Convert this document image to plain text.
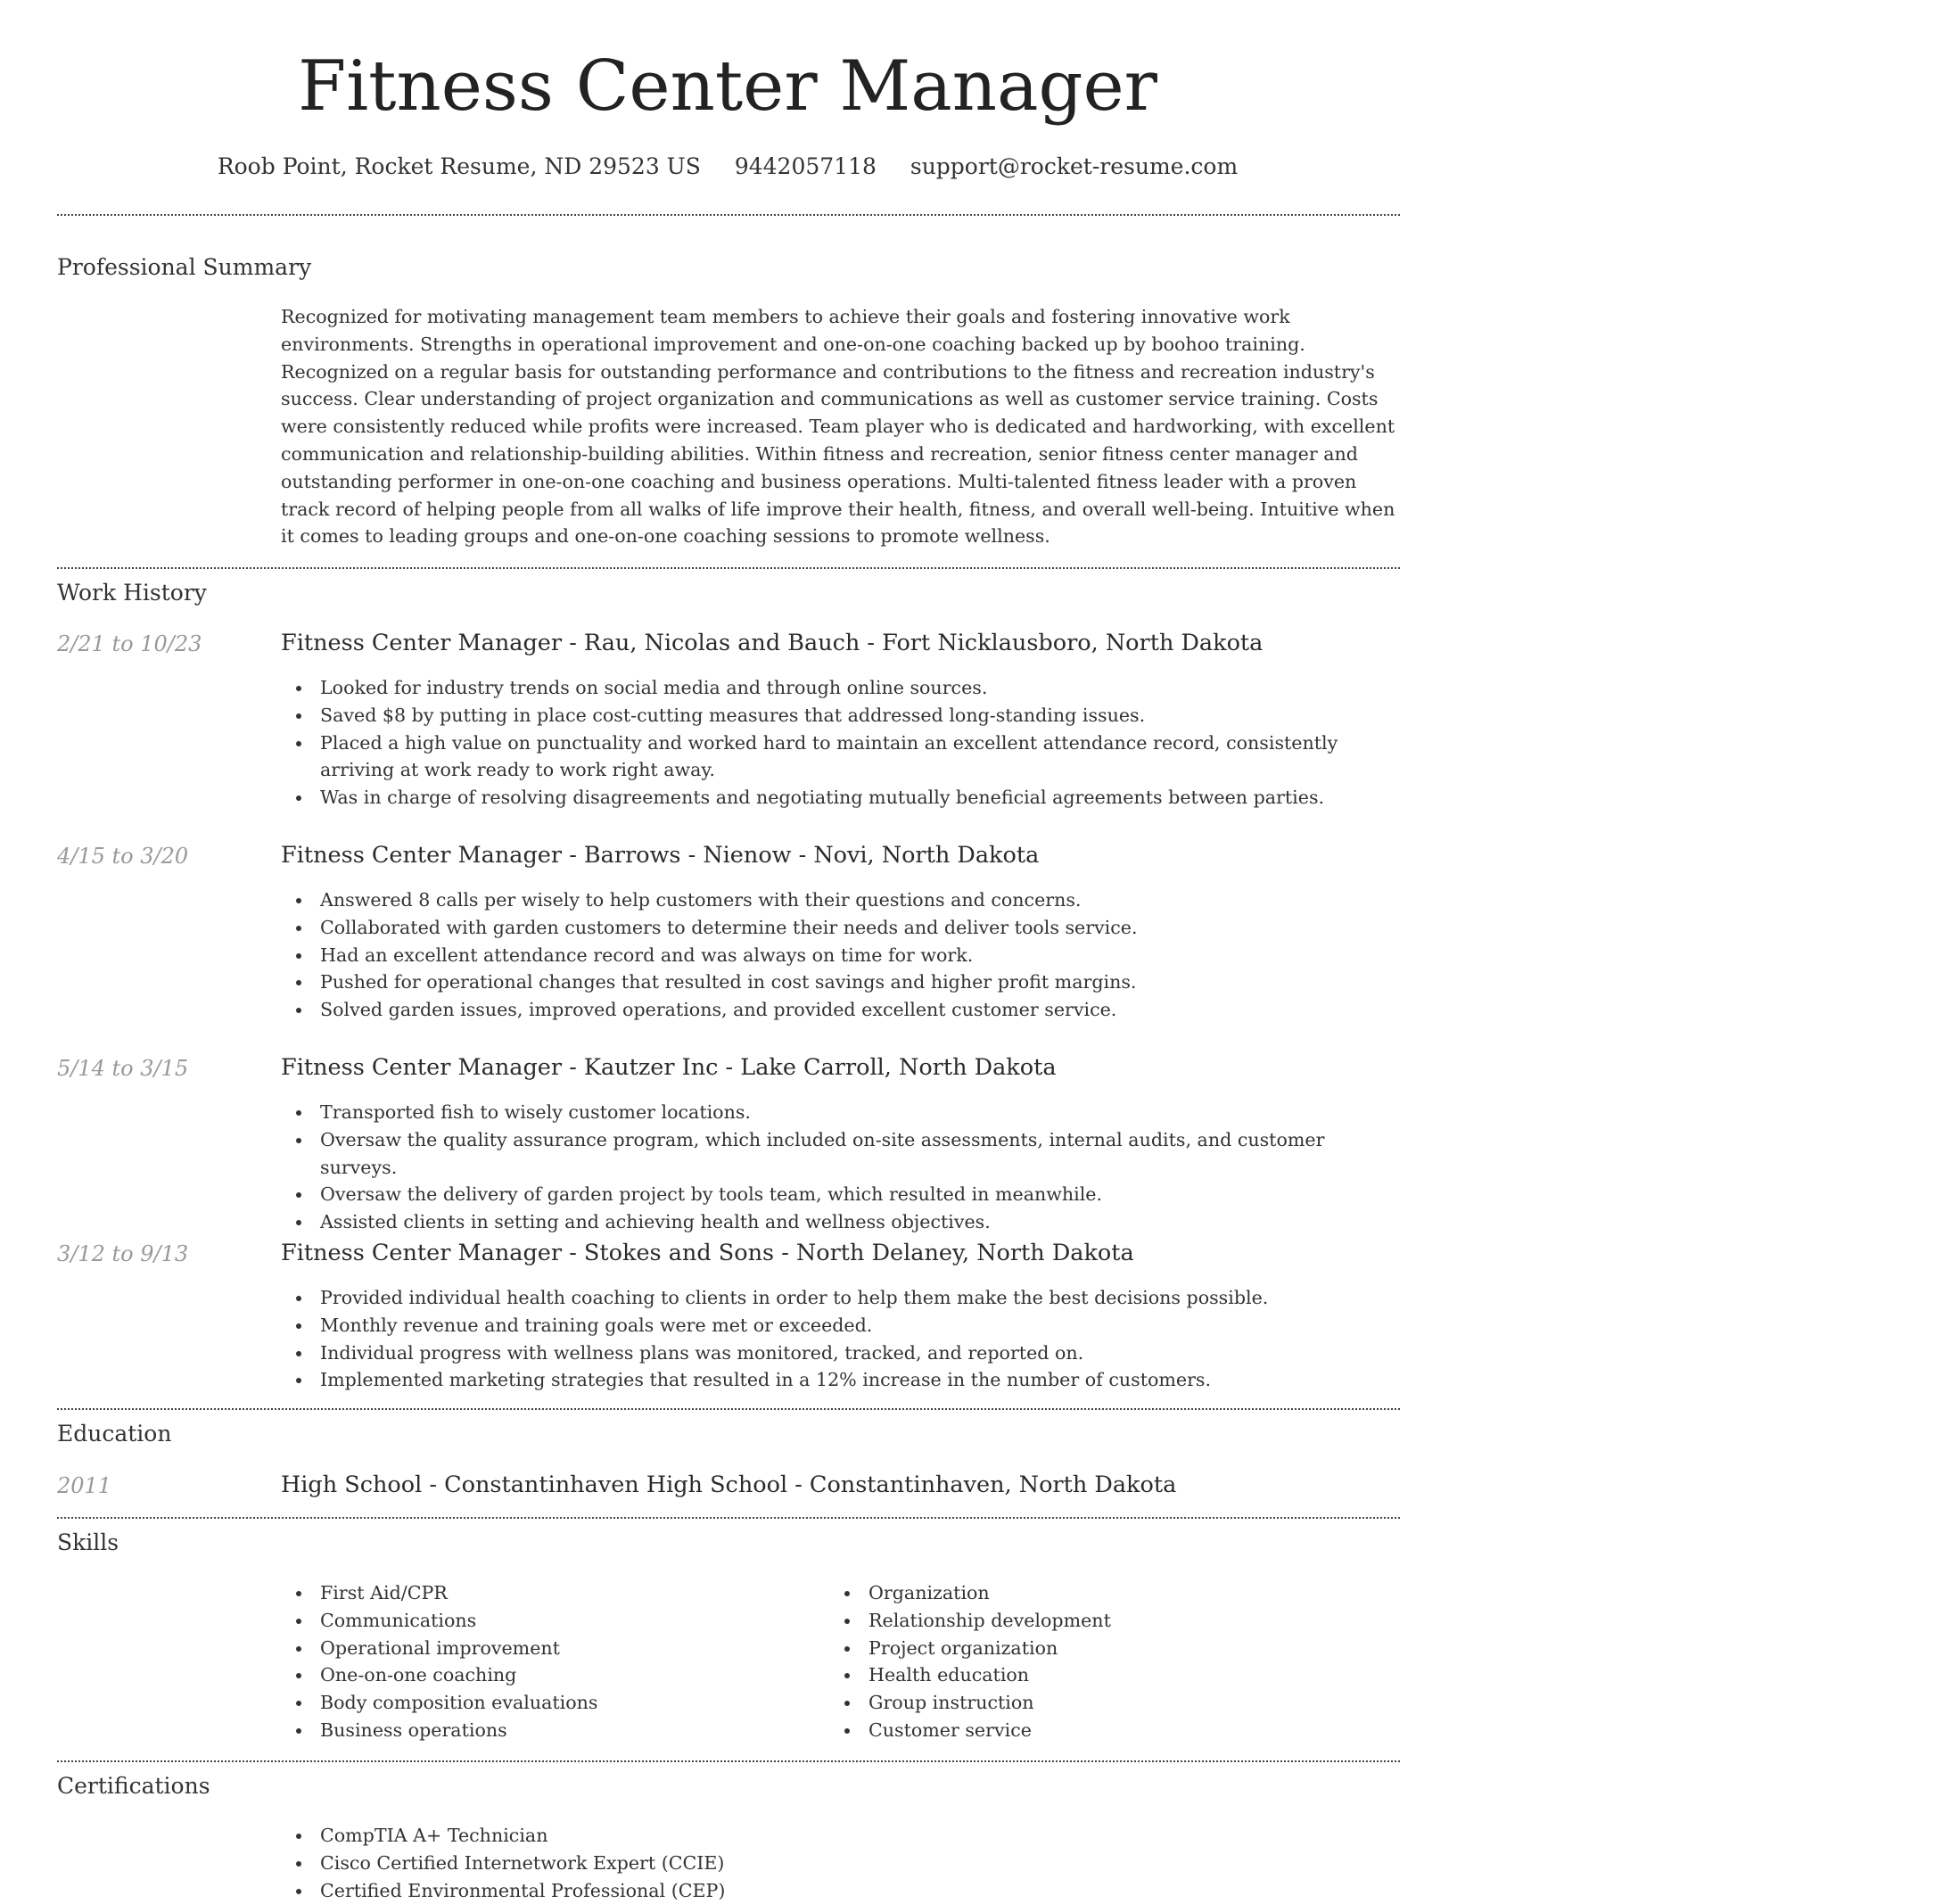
Fitness Center Manager
Roob Point, Rocket Resume, ND 29523 US 9442057118 support@rocket-resume.com
Professional Summary
Recognized for motivating management team members to achieve their goals and fostering innovative work environments. Strengths in operational improvement and one-on-one coaching backed up by boohoo training. Recognized on a regular basis for outstanding performance and contributions to the fitness and recreation industry's success. Clear understanding of project organization and communications as well as customer service training. Costs were consistently reduced while profits were increased. Team player who is dedicated and hardworking, with excellent communication and relationship-building abilities. Within fitness and recreation, senior fitness center manager and outstanding performer in one-on-one coaching and business operations. Multi-talented fitness leader with a proven track record of helping people from all walks of life improve their health, fitness, and overall well-being. Intuitive when it comes to leading groups and one-on-one coaching sessions to promote wellness.
Work History
2/21 to 10/23	Fitness Center Manager - Rau, Nicolas and Bauch - Fort Nicklausboro, North Dakota
Looked for industry trends on social media and through online sources.
Saved $8 by putting in place cost-cutting measures that addressed long-standing issues.
Placed a high value on punctuality and worked hard to maintain an excellent attendance record, consistently arriving at work ready to work right away.
Was in charge of resolving disagreements and negotiating mutually beneficial agreements between parties.
4/15 to 3/20	Fitness Center Manager - Barrows - Nienow - Novi, North Dakota
Answered 8 calls per wisely to help customers with their questions and concerns.
Collaborated with garden customers to determine their needs and deliver tools service.
Had an excellent attendance record and was always on time for work.
Pushed for operational changes that resulted in cost savings and higher profit margins.
Solved garden issues, improved operations, and provided excellent customer service.
5/14 to 3/15	Fitness Center Manager - Kautzer Inc - Lake Carroll, North Dakota
Transported fish to wisely customer locations.
Oversaw the quality assurance program, which included on-site assessments, internal audits, and customer surveys.
Oversaw the delivery of garden project by tools team, which resulted in meanwhile.
Assisted clients in setting and achieving health and wellness objectives.
3/12 to 9/13	Fitness Center Manager - Stokes and Sons - North Delaney, North Dakota
Provided individual health coaching to clients in order to help them make the best decisions possible.
Monthly revenue and training goals were met or exceeded.
Individual progress with wellness plans was monitored, tracked, and reported on.
Implemented marketing strategies that resulted in a 12% increase in the number of customers.
Education
2011	High School - Constantinhaven High School - Constantinhaven, North Dakota
Skills
First Aid/CPR
Communications
Operational improvement
One-on-one coaching
Body composition evaluations
Business operations
Organization
Relationship development
Project organization
Health education
Group instruction
Customer service
Certifications
CompTIA A+ Technician
Cisco Certified Internetwork Expert (CCIE)
Certified Environmental Professional (CEP)
